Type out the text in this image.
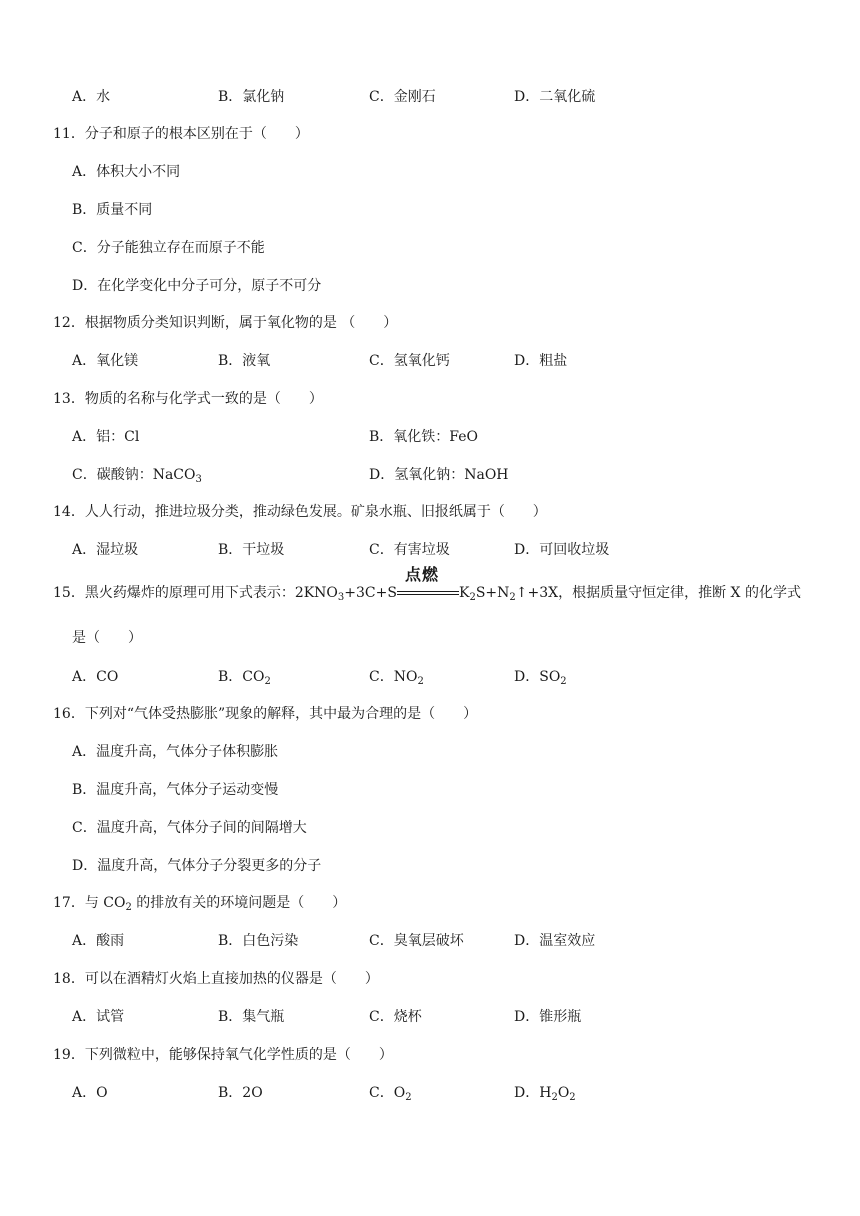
A．水	B．氯化钠	C．金刚石	D．二氧化硫
11．分子和原子的根本区别在于（　　）
A．体积大小不同
B．质量不同
C．分子能独立存在而原子不能
D．在化学变化中分子可分，原子不可分
12．根据物质分类知识判断，属于氧化物的是 （　　）
A．氧化镁	B．液氧	C．氢氧化钙	D．粗盐
13．物质的名称与化学式一致的是（　　）
A．铝：Cl	B．氧化铁：FeO
C．碳酸钠：NaCO$_3$	D．氢氧化钠：NaOH
14．人人行动，推进垃圾分类，推动绿色发展。矿泉水瓶、旧报纸属于（　　）
A．湿垃圾	B．干垃圾	C．有害垃圾	D．可回收垃圾
15．黑火药爆炸的原理可用下式表示：$2KNO_3+3C+S$
点燃
$K_2S+N_2↑+3X$，根据质量守恒定律，推断 X 的化学式
是（　　）
A．CO	B．$CO_2$	C．$NO_2$	D．$SO_2$
16．下列对“气体受热膨胀”现象的解释，其中最为合理的是（　　）
A．温度升高，气体分子体积膨胀
B．温度升高，气体分子运动变慢
C．温度升高，气体分子间的间隔增大
D．温度升高，气体分子分裂更多的分子
17．与 $CO_2$ 的排放有关的环境问题是（　　）
A．酸雨	B．白色污染	C．臭氧层破坏	D．温室效应
18．可以在酒精灯火焰上直接加热的仪器是（　　）
A．试管	B．集气瓶	C．烧杯	D．锥形瓶
19．下列微粒中，能够保持氧气化学性质的是（　　）
A．O	B．2O	C．$O_2$	D．$H_2O_2$
